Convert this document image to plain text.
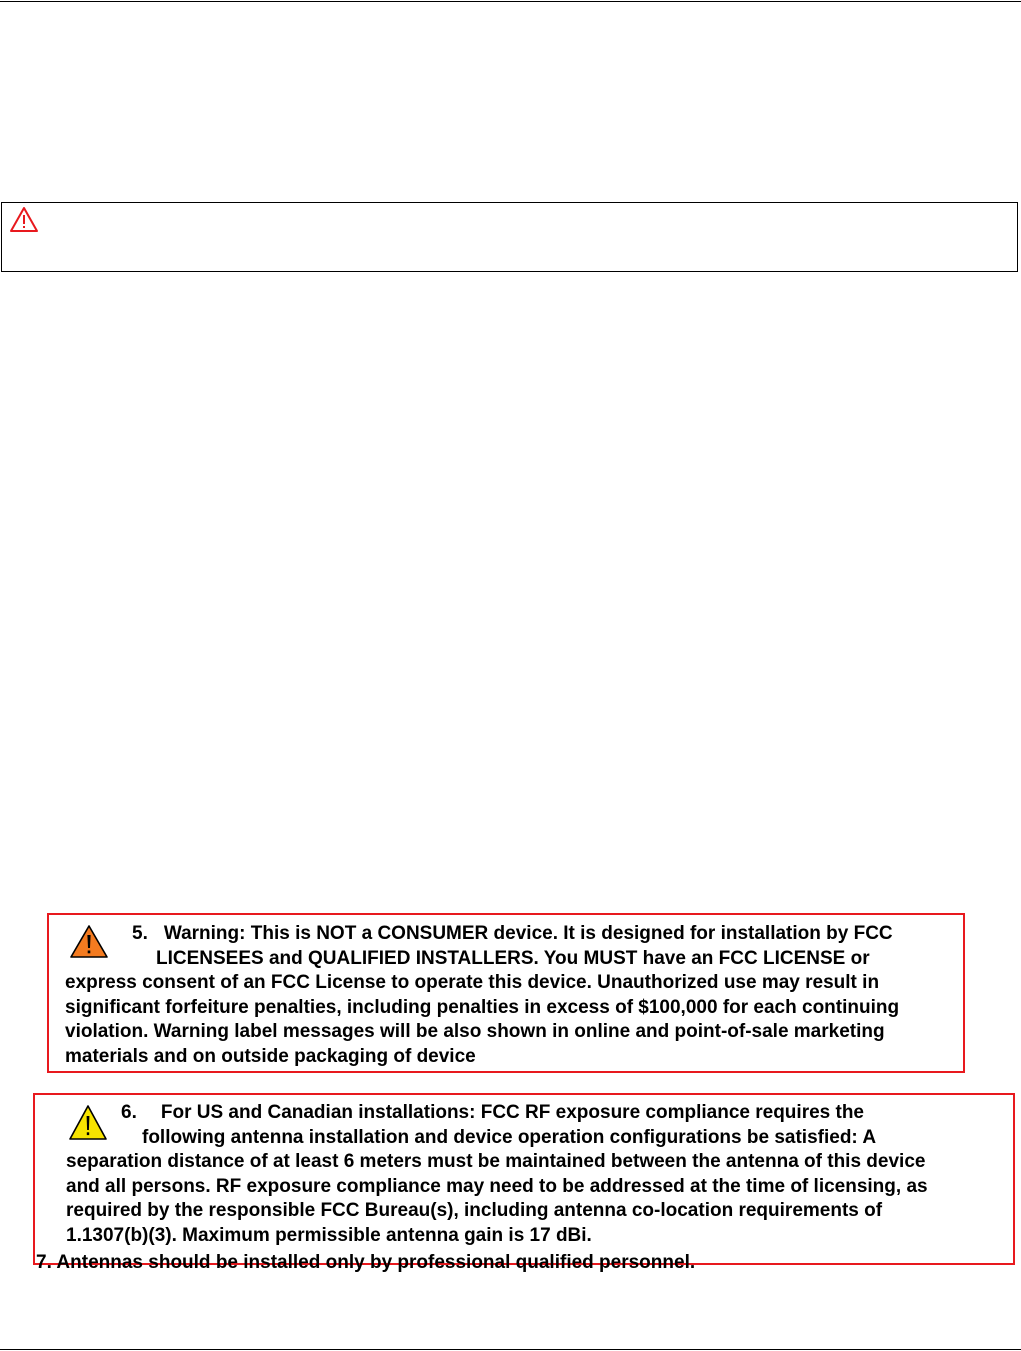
5. Warning: This is NOT a CONSUMER device. It is designed for installation by FCC
LICENSEES and QUALIFIED INSTALLERS. You MUST have an FCC LICENSE or
express consent of an FCC License to operate this device. Unauthorized use may result in
significant forfeiture penalties, including penalties in excess of $100,000 for each continuing
violation. Warning label messages will be also shown in online and point-of-sale marketing
materials and on outside packaging of device
6. For US and Canadian installations: FCC RF exposure compliance requires the
following antenna installation and device operation configurations be satisfied: A
separation distance of at least 6 meters must be maintained between the antenna of this device
and all persons. RF exposure compliance may need to be addressed at the time of licensing, as
required by the responsible FCC Bureau(s), including antenna co-location requirements of
1.1307(b)(3). Maximum permissible antenna gain is 17 dBi.
7. Antennas should be installed only by professional qualified personnel.
